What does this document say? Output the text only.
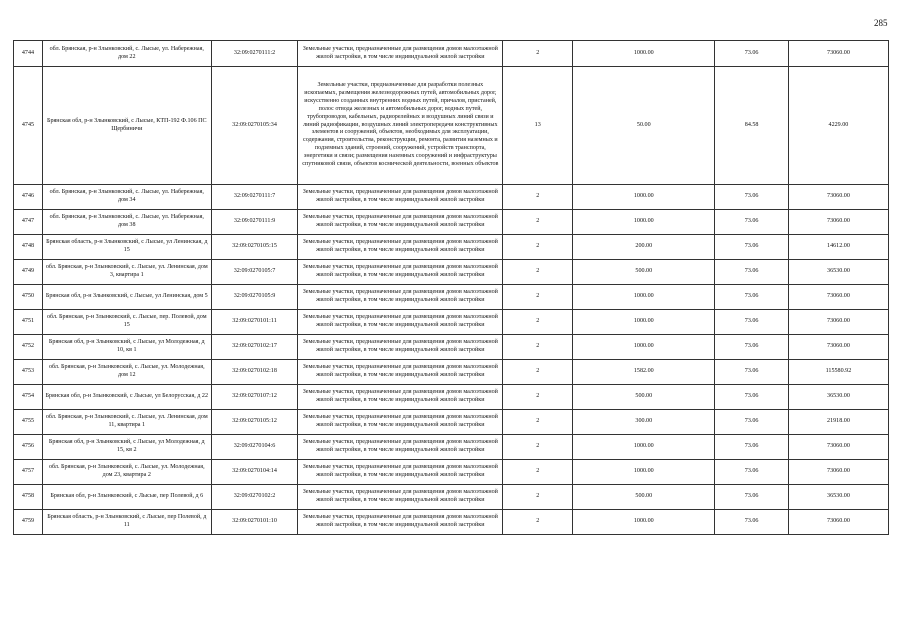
285
4744	обл. Брянская, р-н Злынковский, с. Лысые, ул. Набережная, дом 22	32:09:0270111:2	Земельные участки, предназначенные для размещения домов малоэтажной жилой застройки, в том числе индивидуальной жилой застройки	2	1000.00	73.06	73060.00
4745	Брянская обл, р-н Злынковский, с Лысые, КТП-192 Ф.106 ПС Щербиничи	32:09:0270105:34	Земельные участки, предназначенные для разработки полезных ископаемых, размещения железнодорожных путей, автомобильных дорог, искусственно созданных внутренних водных путей, причалов, пристаней, полос отвода железных и автомобильных дорог, водных путей, трубопроводов, кабельных, радиорелейных и воздушных линий связи и линий радиофикации, воздушных линий электропередачи конструктивных элементов и сооружений, объектов, необходимых для эксплуатации, содержания, строительства, реконструкции, ремонта, развития наземных и подземных зданий, строений, сооружений, устройств транспорта, энергетики и связи; размещения наземных сооружений и инфраструктуры спутниковой связи, объектов космической деятельности, военных объектов	13	50.00	84.58	4229.00
4746	обл. Брянская, р-н Злынковский, с. Лысые, ул. Набережная, дом 34	32:09:0270111:7	Земельные участки, предназначенные для размещения домов малоэтажной жилой застройки, в том числе индивидуальной жилой застройки	2	1000.00	73.06	73060.00
4747	обл. Брянская, р-н Злынковский, с. Лысые, ул. Набережная, дом 38	32:09:0270111:9	Земельные участки, предназначенные для размещения домов малоэтажной жилой застройки, в том числе индивидуальной жилой застройки	2	1000.00	73.06	73060.00
4748	Брянская область, р-н Злынковский, с Лысые, ул Ленинская, д 15	32:09:0270105:15	Земельные участки, предназначенные для размещения домов малоэтажной жилой застройки, в том числе индивидуальной жилой застройки	2	200.00	73.06	14612.00
4749	обл. Брянская, р-н Злынковский, с. Лысые, ул. Ленинская, дом 3, квартира 1	32:09:0270105:7	Земельные участки, предназначенные для размещения домов малоэтажной жилой застройки, в том числе индивидуальной жилой застройки	2	500.00	73.06	36530.00
4750	Брянская обл, р-н Злынковский, с Лысые, ул Ленинская, дом 5	32:09:0270105:9	Земельные участки, предназначенные для размещения домов малоэтажной жилой застройки, в том числе индивидуальной жилой застройки	2	1000.00	73.06	73060.00
4751	обл. Брянская, р-н Злынковский, с. Лысые, пер. Полевой, дом 15	32:09:0270101:11	Земельные участки, предназначенные для размещения домов малоэтажной жилой застройки, в том числе индивидуальной жилой застройки	2	1000.00	73.06	73060.00
4752	Брянская обл, р-н Злынковский, с Лысые, ул Молодежная, д 10, кв 1	32:09:0270102:17	Земельные участки, предназначенные для размещения домов малоэтажной жилой застройки, в том числе индивидуальной жилой застройки	2	1000.00	73.06	73060.00
4753	обл. Брянская, р-н Злынковский, с. Лысые, ул. Молодежная, дом 12	32:09:0270102:18	Земельные участки, предназначенные для размещения домов малоэтажной жилой застройки, в том числе индивидуальной жилой застройки	2	1582.00	73.06	115580.92
4754	Брянская обл, р-н Злынковский, с Лысые, ул Белорусская, д 22	32:09:0270107:12	Земельные участки, предназначенные для размещения домов малоэтажной жилой застройки, в том числе индивидуальной жилой застройки	2	500.00	73.06	36530.00
4755	обл. Брянская, р-н Злынковский, с. Лысые, ул. Ленинская, дом 11, квартира 1	32:09:0270105:12	Земельные участки, предназначенные для размещения домов малоэтажной жилой застройки, в том числе индивидуальной жилой застройки	2	300.00	73.06	21918.00
4756	Брянская обл, р-н Злынковский, с Лысые, ул Молодежная, д 15, кв 2	32:09:0270104:6	Земельные участки, предназначенные для размещения домов малоэтажной жилой застройки, в том числе индивидуальной жилой застройки	2	1000.00	73.06	73060.00
4757	обл. Брянская, р-н Злынковский, с. Лысые, ул. Молодежная, дом 23, квартира 2	32:09:0270104:14	Земельные участки, предназначенные для размещения домов малоэтажной жилой застройки, в том числе индивидуальной жилой застройки	2	1000.00	73.06	73060.00
4758	Брянская обл, р-н Злынковский, с Лысые, пер Полевой, д 6	32:09:0270102:2	Земельные участки, предназначенные для размещения домов малоэтажной жилой застройки, в том числе индивидуальной жилой застройки	2	500.00	73.06	36530.00
4759	Брянская область, р-н Злынковский, с Лысые, пер Полевой, д 11	32:09:0270101:10	Земельные участки, предназначенные для размещения домов малоэтажной жилой застройки, в том числе индивидуальной жилой застройки	2	1000.00	73.06	73060.00
